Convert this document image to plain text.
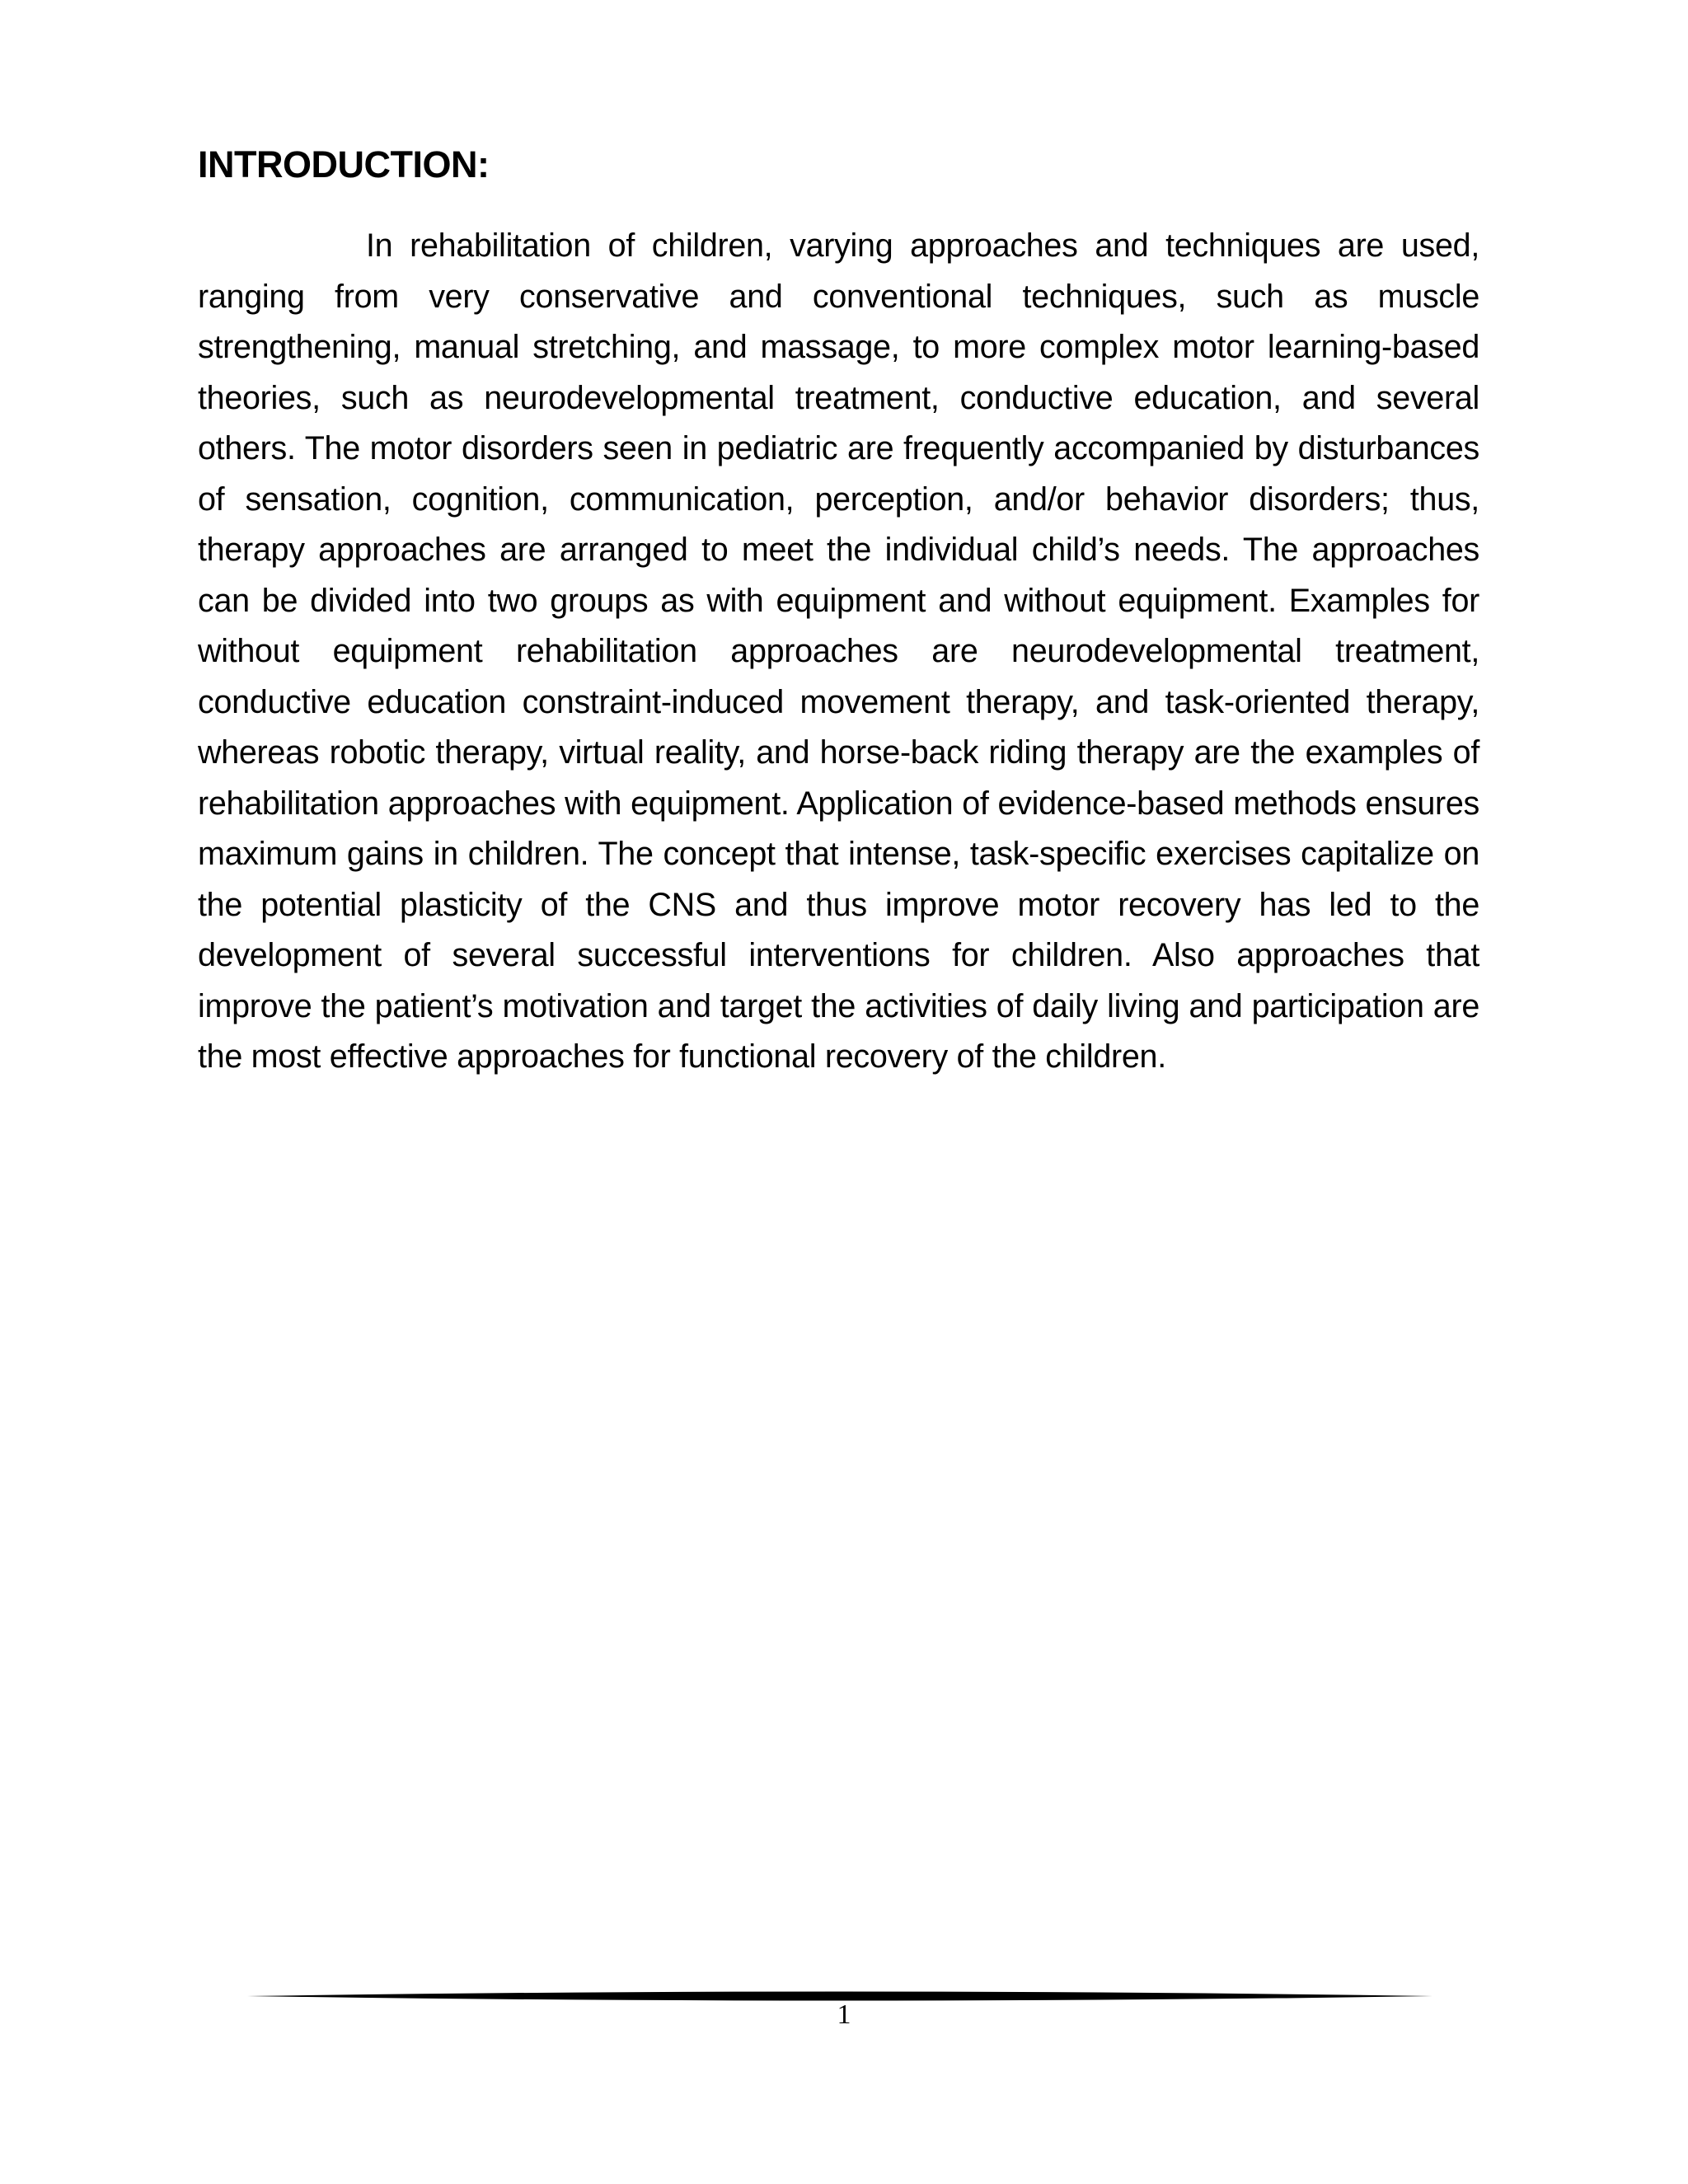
INTRODUCTION:

In rehabilitation of children, varying approaches and techniques are used, ranging from very conservative and conventional techniques, such as muscle strengthening, manual stretching, and massage, to more complex motor learning-based theories, such as neurodevelopmental treatment, conductive education, and several others. The motor disorders seen in pediatric are frequently accompanied by disturbances of sensation, cognition, communication, perception, and/or behavior disorders; thus, therapy approaches are arranged to meet the individual child’s needs. The approaches can be divided into two groups as with equipment and without equipment. Examples for without equipment rehabilitation approaches are neurodevelopmental treatment, conductive education constraint-induced movement therapy, and task-oriented therapy, whereas robotic therapy, virtual reality, and horse-back riding therapy are the examples of rehabilitation approaches with equipment. Application of evidence-based methods ensures maximum gains in children. The concept that intense, task-specific exercises capitalize on the potential plasticity of the CNS and thus improve motor recovery has led to the development of several successful interventions for children. Also approaches that improve the patient’s motivation and target the activities of daily living and participation are the most effective approaches for functional recovery of the children.

1
